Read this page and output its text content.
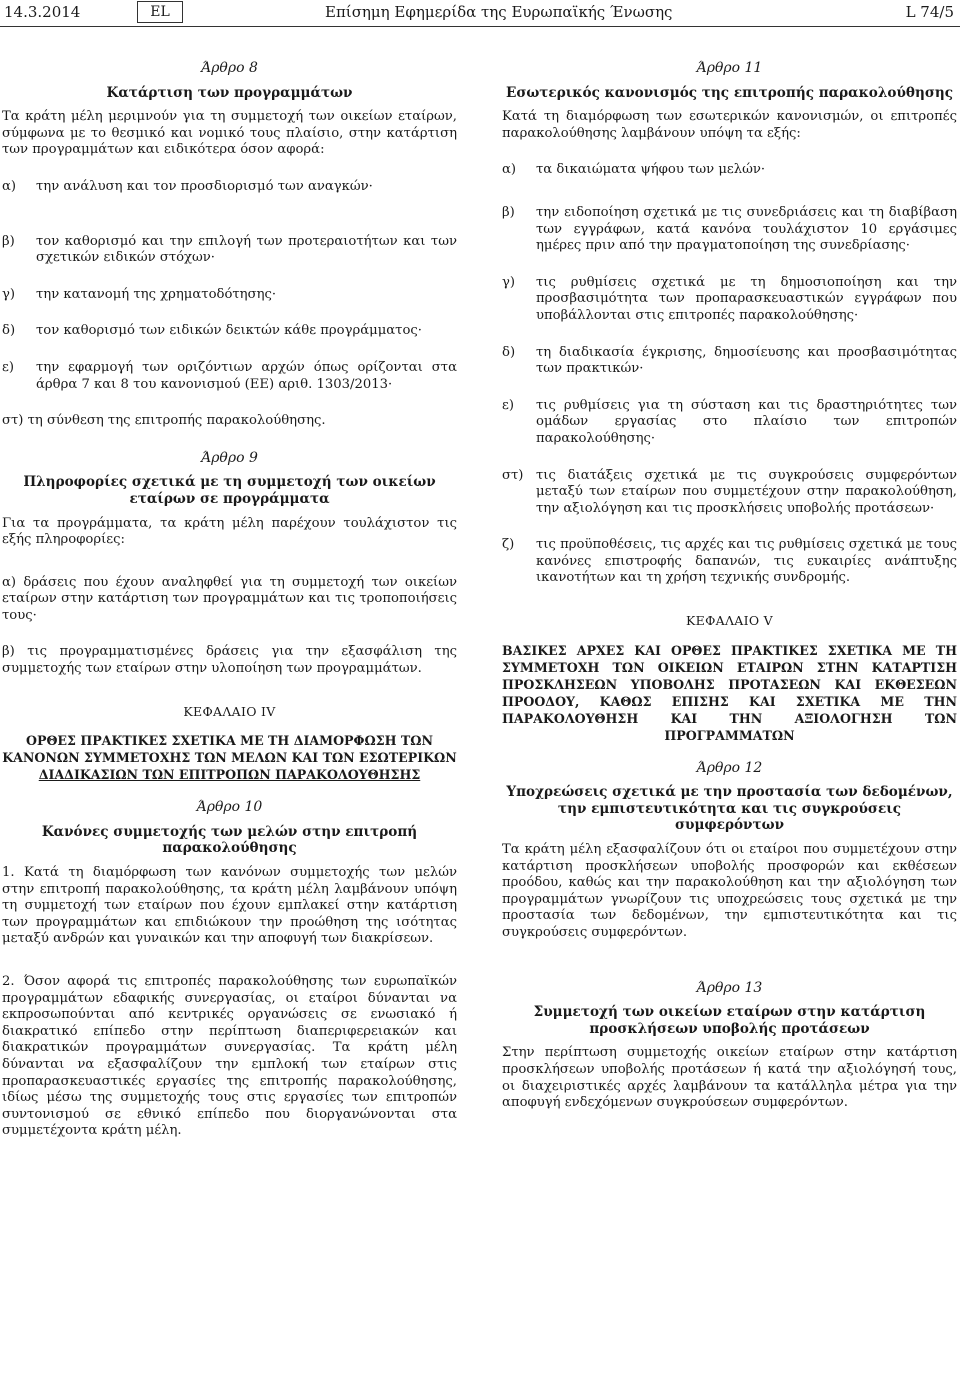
14.3.2014	EL	Επίσημη Εφημερίδα της Ευρωπαϊκής Ένωσης	L 74/5
Άρθρο 8
Κατάρτιση των προγραμμάτων
Τα κράτη μέλη μεριμνούν για τη συμμετοχή των οικείων εταίρων, σύμφωνα με το θεσμικό και νομικό τους πλαίσιο, στην κατάρτιση των προγραμμάτων και ειδικότερα όσον αφορά:
α)	την ανάλυση και τον προσδιορισμό των αναγκών·
β)	τον καθορισμό και την επιλογή των προτεραιοτήτων και των σχετικών ειδικών στόχων·
γ)	την κατανομή της χρηματοδότησης·
δ)	τον καθορισμό των ειδικών δεικτών κάθε προγράμματος·
ε)	την εφαρμογή των οριζόντιων αρχών όπως ορίζονται στα άρθρα 7 και 8 του κανονισμού (ΕΕ) αριθ. 1303/2013·
στ) τη σύνθεση της επιτροπής παρακολούθησης.
Άρθρο 9
Πληροφορίες σχετικά με τη συμμετοχή των οικείων εταίρων σε προγράμματα
Για τα προγράμματα, τα κράτη μέλη παρέχουν τουλάχιστον τις εξής πληροφορίες:
α) δράσεις που έχουν αναληφθεί για τη συμμετοχή των οικείων εταίρων στην κατάρτιση των προγραμμάτων και τις τροποποιήσεις τους·
β) τις προγραμματισμένες δράσεις για την εξασφάλιση της συμμετοχής των εταίρων στην υλοποίηση των προγραμμάτων.
ΚΕΦΑΛΑΙΟ IV
ΟΡΘΕΣ ΠΡΑΚΤΙΚΕΣ ΣΧΕΤΙΚΑ ΜΕ ΤΗ ΔΙΑΜΟΡΦΩΣΗ ΤΩΝ
ΚΑΝΟΝΩΝ ΣΥΜΜΕΤΟΧΗΣ ΤΩΝ ΜΕΛΩΝ ΚΑΙ ΤΩΝ ΕΣΩΤΕΡΙΚΩΝ
ΔΙΑΔΙΚΑΣΙΩΝ ΤΩΝ ΕΠΙΤΡΟΠΩΝ ΠΑΡΑΚΟΛΟΥΘΗΣΗΣ
Άρθρο 10
Κανόνες συμμετοχής των μελών στην επιτροπή παρακολούθησης
1. Κατά τη διαμόρφωση των κανόνων συμμετοχής των μελών στην επιτροπή παρακολούθησης, τα κράτη μέλη λαμβάνουν υπόψη τη συμμετοχή των εταίρων που έχουν εμπλακεί στην κατάρτιση των προγραμμάτων και επιδιώκουν την προώθηση της ισότητας μεταξύ ανδρών και γυναικών και την αποφυγή των διακρίσεων.
2. Όσον αφορά τις επιτροπές παρακολούθησης των ευρωπαϊκών προγραμμάτων εδαφικής συνεργασίας, οι εταίροι δύνανται να εκπροσωπούνται από κεντρικές οργανώσεις σε ενωσιακό ή διακρατικό επίπεδο στην περίπτωση διαπεριφερειακών και διακρατικών προγραμμάτων συνεργασίας. Τα κράτη μέλη δύνανται να εξασφαλίζουν την εμπλοκή των εταίρων στις προπαρασκευαστικές εργασίες της επιτροπής παρακολούθησης, ιδίως μέσω της συμμετοχής τους στις εργασίες των επιτροπών συντονισμού σε εθνικό επίπεδο που διοργανώνονται στα συμμετέχοντα κράτη μέλη.
Άρθρο 11
Εσωτερικός κανονισμός της επιτροπής παρακολούθησης
Κατά τη διαμόρφωση των εσωτερικών κανονισμών, οι επιτροπές παρακολούθησης λαμβάνουν υπόψη τα εξής:
α)	τα δικαιώματα ψήφου των μελών·
β)	την ειδοποίηση σχετικά με τις συνεδριάσεις και τη διαβίβαση των εγγράφων, κατά κανόνα τουλάχιστον 10 εργάσιμες ημέρες πριν από την πραγματοποίηση της συνεδρίασης·
γ)	τις ρυθμίσεις σχετικά με τη δημοσιοποίηση και την προσβασιμότητα των προπαρασκευαστικών εγγράφων που υποβάλλονται στις επιτροπές παρακολούθησης·
δ)	τη διαδικασία έγκρισης, δημοσίευσης και προσβασιμότητας των πρακτικών·
ε)	τις ρυθμίσεις για τη σύσταση και τις δραστηριότητες των ομάδων εργασίας στο πλαίσιο των επιτροπών παρακολούθησης·
στ) τις διατάξεις σχετικά με τις συγκρούσεις συμφερόντων μεταξύ των εταίρων που συμμετέχουν στην παρακολούθηση, την αξιολόγηση και τις προσκλήσεις υποβολής προτάσεων·
ζ)	τις προϋποθέσεις, τις αρχές και τις ρυθμίσεις σχετικά με τους κανόνες επιστροφής δαπανών, τις ευκαιρίες ανάπτυξης ικανοτήτων και τη χρήση τεχνικής συνδρομής.
ΚΕΦΑΛΑΙΟ V
ΒΑΣΙΚΕΣ ΑΡΧΕΣ ΚΑΙ ΟΡΘΕΣ ΠΡΑΚΤΙΚΕΣ ΣΧΕΤΙΚΑ ΜΕ ΤΗ ΣΥΜΜΕΤΟΧΗ ΤΩΝ ΟΙΚΕΙΩΝ ΕΤΑΙΡΩΝ ΣΤΗΝ ΚΑΤΑΡΤΙΣΗ ΠΡΟΣΚΛΗΣΕΩΝ ΥΠΟΒΟΛΗΣ ΠΡΟΤΑΣΕΩΝ ΚΑΙ ΕΚΘΕΣΕΩΝ ΠΡΟΟΔΟΥ, ΚΑΘΩΣ ΕΠΙΣΗΣ ΚΑΙ ΣΧΕΤΙΚΑ ΜΕ ΤΗΝ ΠΑΡΑΚΟΛΟΥΘΗΣΗ ΚΑΙ ΤΗΝ ΑΞΙΟΛΟΓΗΣΗ ΤΩΝ ΠΡΟΓΡΑΜΜΑΤΩΝ
Άρθρο 12
Υποχρεώσεις σχετικά με την προστασία των δεδομένων, την εμπιστευτικότητα και τις συγκρούσεις συμφερόντων
Τα κράτη μέλη εξασφαλίζουν ότι οι εταίροι που συμμετέχουν στην κατάρτιση προσκλήσεων υποβολής προσφορών και εκθέσεων προόδου, καθώς και την παρακολούθηση και την αξιολόγηση των προγραμμάτων γνωρίζουν τις υποχρεώσεις τους σχετικά με την προστασία των δεδομένων, την εμπιστευτικότητα και τις συγκρούσεις συμφερόντων.
Άρθρο 13
Συμμετοχή των οικείων εταίρων στην κατάρτιση προσκλήσεων υποβολής προτάσεων
Στην περίπτωση συμμετοχής οικείων εταίρων στην κατάρτιση προσκλήσεων υποβολής προτάσεων ή κατά την αξιολόγησή τους, οι διαχειριστικές αρχές λαμβάνουν τα κατάλληλα μέτρα για την αποφυγή ενδεχόμενων συγκρούσεων συμφερόντων.
